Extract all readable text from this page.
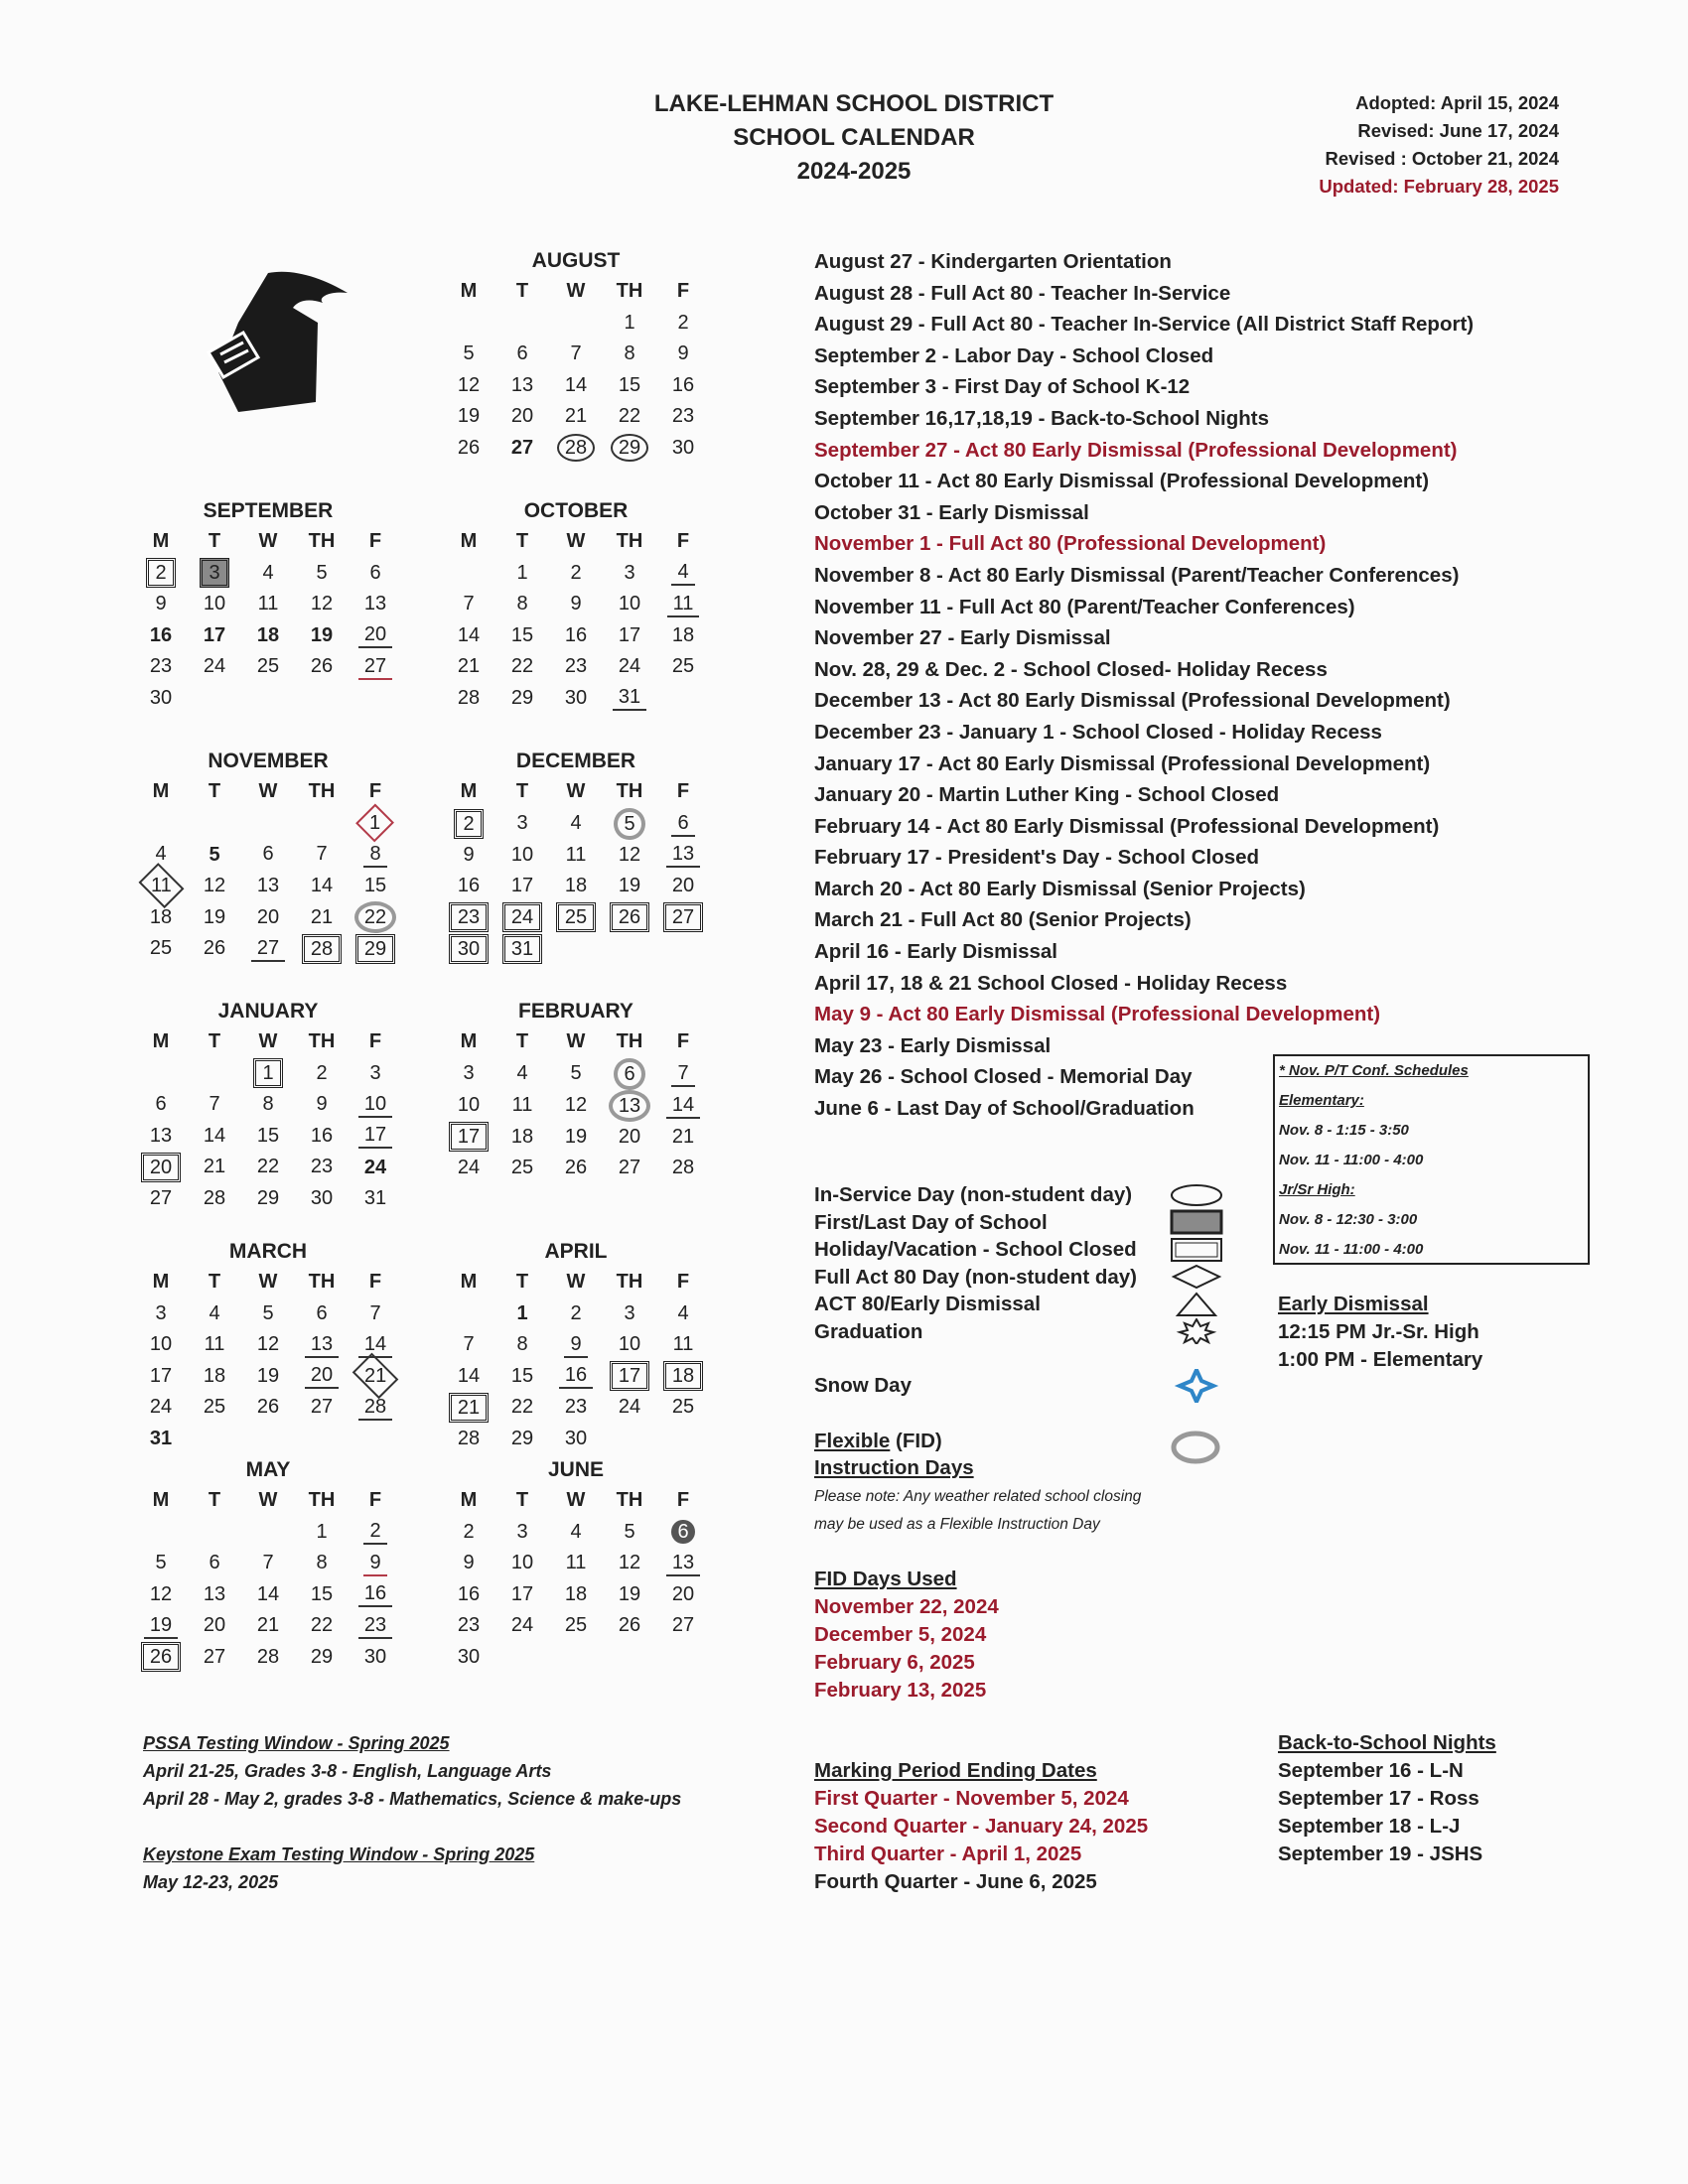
LAKE-LEHMAN SCHOOL DISTRICT
SCHOOL CALENDAR
2024-2025
Adopted: April 15, 2024
Revised: June 17, 2024
Revised : October 21, 2024
Updated: February 28, 2025
AUGUST
M	T	W	TH	F
			1	2
5	6	7	8	9
12	13	14	15	16
19	20	21	22	23
26	27	28	29	30
SEPTEMBER
M	T	W	TH	F
2	3	4	5	6
9	10	11	12	13
16	17	18	19	20
23	24	25	26	27
30				
OCTOBER
M	T	W	TH	F
	1	2	3	4
7	8	9	10	11
14	15	16	17	18
21	22	23	24	25
28	29	30	31	
NOVEMBER
M	T	W	TH	F
				1
4	5	6	7	8
11	12	13	14	15
18	19	20	21	22
25	26	27	28	29
DECEMBER
M	T	W	TH	F
2	3	4	5	6
9	10	11	12	13
16	17	18	19	20
23	24	25	26	27
30	31			
JANUARY
M	T	W	TH	F
		1	2	3
6	7	8	9	10
13	14	15	16	17
20	21	22	23	24
27	28	29	30	31
FEBRUARY
M	T	W	TH	F
3	4	5	6	7
10	11	12	13	14
17	18	19	20	21
24	25	26	27	28
MARCH
M	T	W	TH	F
3	4	5	6	7
10	11	12	13	14
17	18	19	20	21
24	25	26	27	28
31				
APRIL
M	T	W	TH	F
	1	2	3	4
7	8	9	10	11
14	15	16	17	18
21	22	23	24	25
28	29	30		
MAY
M	T	W	TH	F
			1	2
5	6	7	8	9
12	13	14	15	16
19	20	21	22	23
26	27	28	29	30
JUNE
M	T	W	TH	F
2	3	4	5	6
9	10	11	12	13
16	17	18	19	20
23	24	25	26	27
30				
August 27 - Kindergarten Orientation
August 28 - Full Act 80 - Teacher In-Service
August 29 - Full Act 80 - Teacher In-Service (All District Staff Report)
September 2 - Labor Day - School Closed
September 3 - First Day of School K-12
September 16,17,18,19 - Back-to-School Nights
September 27 - Act 80 Early Dismissal (Professional Development)
October 11 - Act 80 Early Dismissal (Professional Development)
October 31 - Early Dismissal
November 1 - Full Act 80 (Professional Development)
November 8 - Act 80 Early Dismissal (Parent/Teacher Conferences)
November 11 - Full Act 80 (Parent/Teacher Conferences)
November 27 - Early Dismissal
Nov. 28, 29 & Dec. 2 - School Closed- Holiday Recess
December 13 - Act 80 Early Dismissal (Professional Development)
December 23 - January 1 - School Closed - Holiday Recess
January 17 - Act 80 Early Dismissal (Professional Development)
January 20 - Martin Luther King - School Closed
February 14 - Act 80 Early Dismissal (Professional Development)
February 17 - President's Day - School Closed
March 20 - Act 80 Early Dismissal (Senior Projects)
March 21 - Full Act 80 (Senior Projects)
April 16 - Early Dismissal
April 17, 18 & 21 School Closed - Holiday Recess
May 9 - Act 80 Early Dismissal (Professional Development)
May 23 - Early Dismissal
May 26 - School Closed - Memorial Day
June 6 - Last Day of School/Graduation
* Nov. P/T Conf. Schedules
Elementary:
Nov. 8 - 1:15 - 3:50
Nov. 11 - 11:00 - 4:00
Jr/Sr High:
Nov. 8 - 12:30 - 3:00
Nov. 11 - 11:00 - 4:00
In-Service Day (non-student day)
First/Last Day of School
Holiday/Vacation - School Closed
Full Act 80 Day (non-student day)
ACT 80/Early Dismissal
Graduation
Snow Day
Early Dismissal
12:15 PM Jr.-Sr. High
1:00 PM - Elementary
Flexible (FID)
Instruction Days
Please note: Any weather related school closing
may be used as a Flexible Instruction Day
FID Days Used
November 22, 2024
December 5, 2024
February 6, 2025
February 13, 2025
PSSA Testing Window - Spring 2025
April 21-25, Grades 3-8 - English, Language Arts
April 28 - May 2, grades 3-8 - Mathematics, Science & make-ups
Keystone Exam Testing Window - Spring 2025
May 12-23, 2025
Marking Period Ending Dates
First Quarter - November 5, 2024
Second Quarter - January 24, 2025
Third Quarter - April 1, 2025
Fourth Quarter - June 6, 2025
Back-to-School Nights
September 16 - L-N
September 17 - Ross
September 18 - L-J
September 19 - JSHS
